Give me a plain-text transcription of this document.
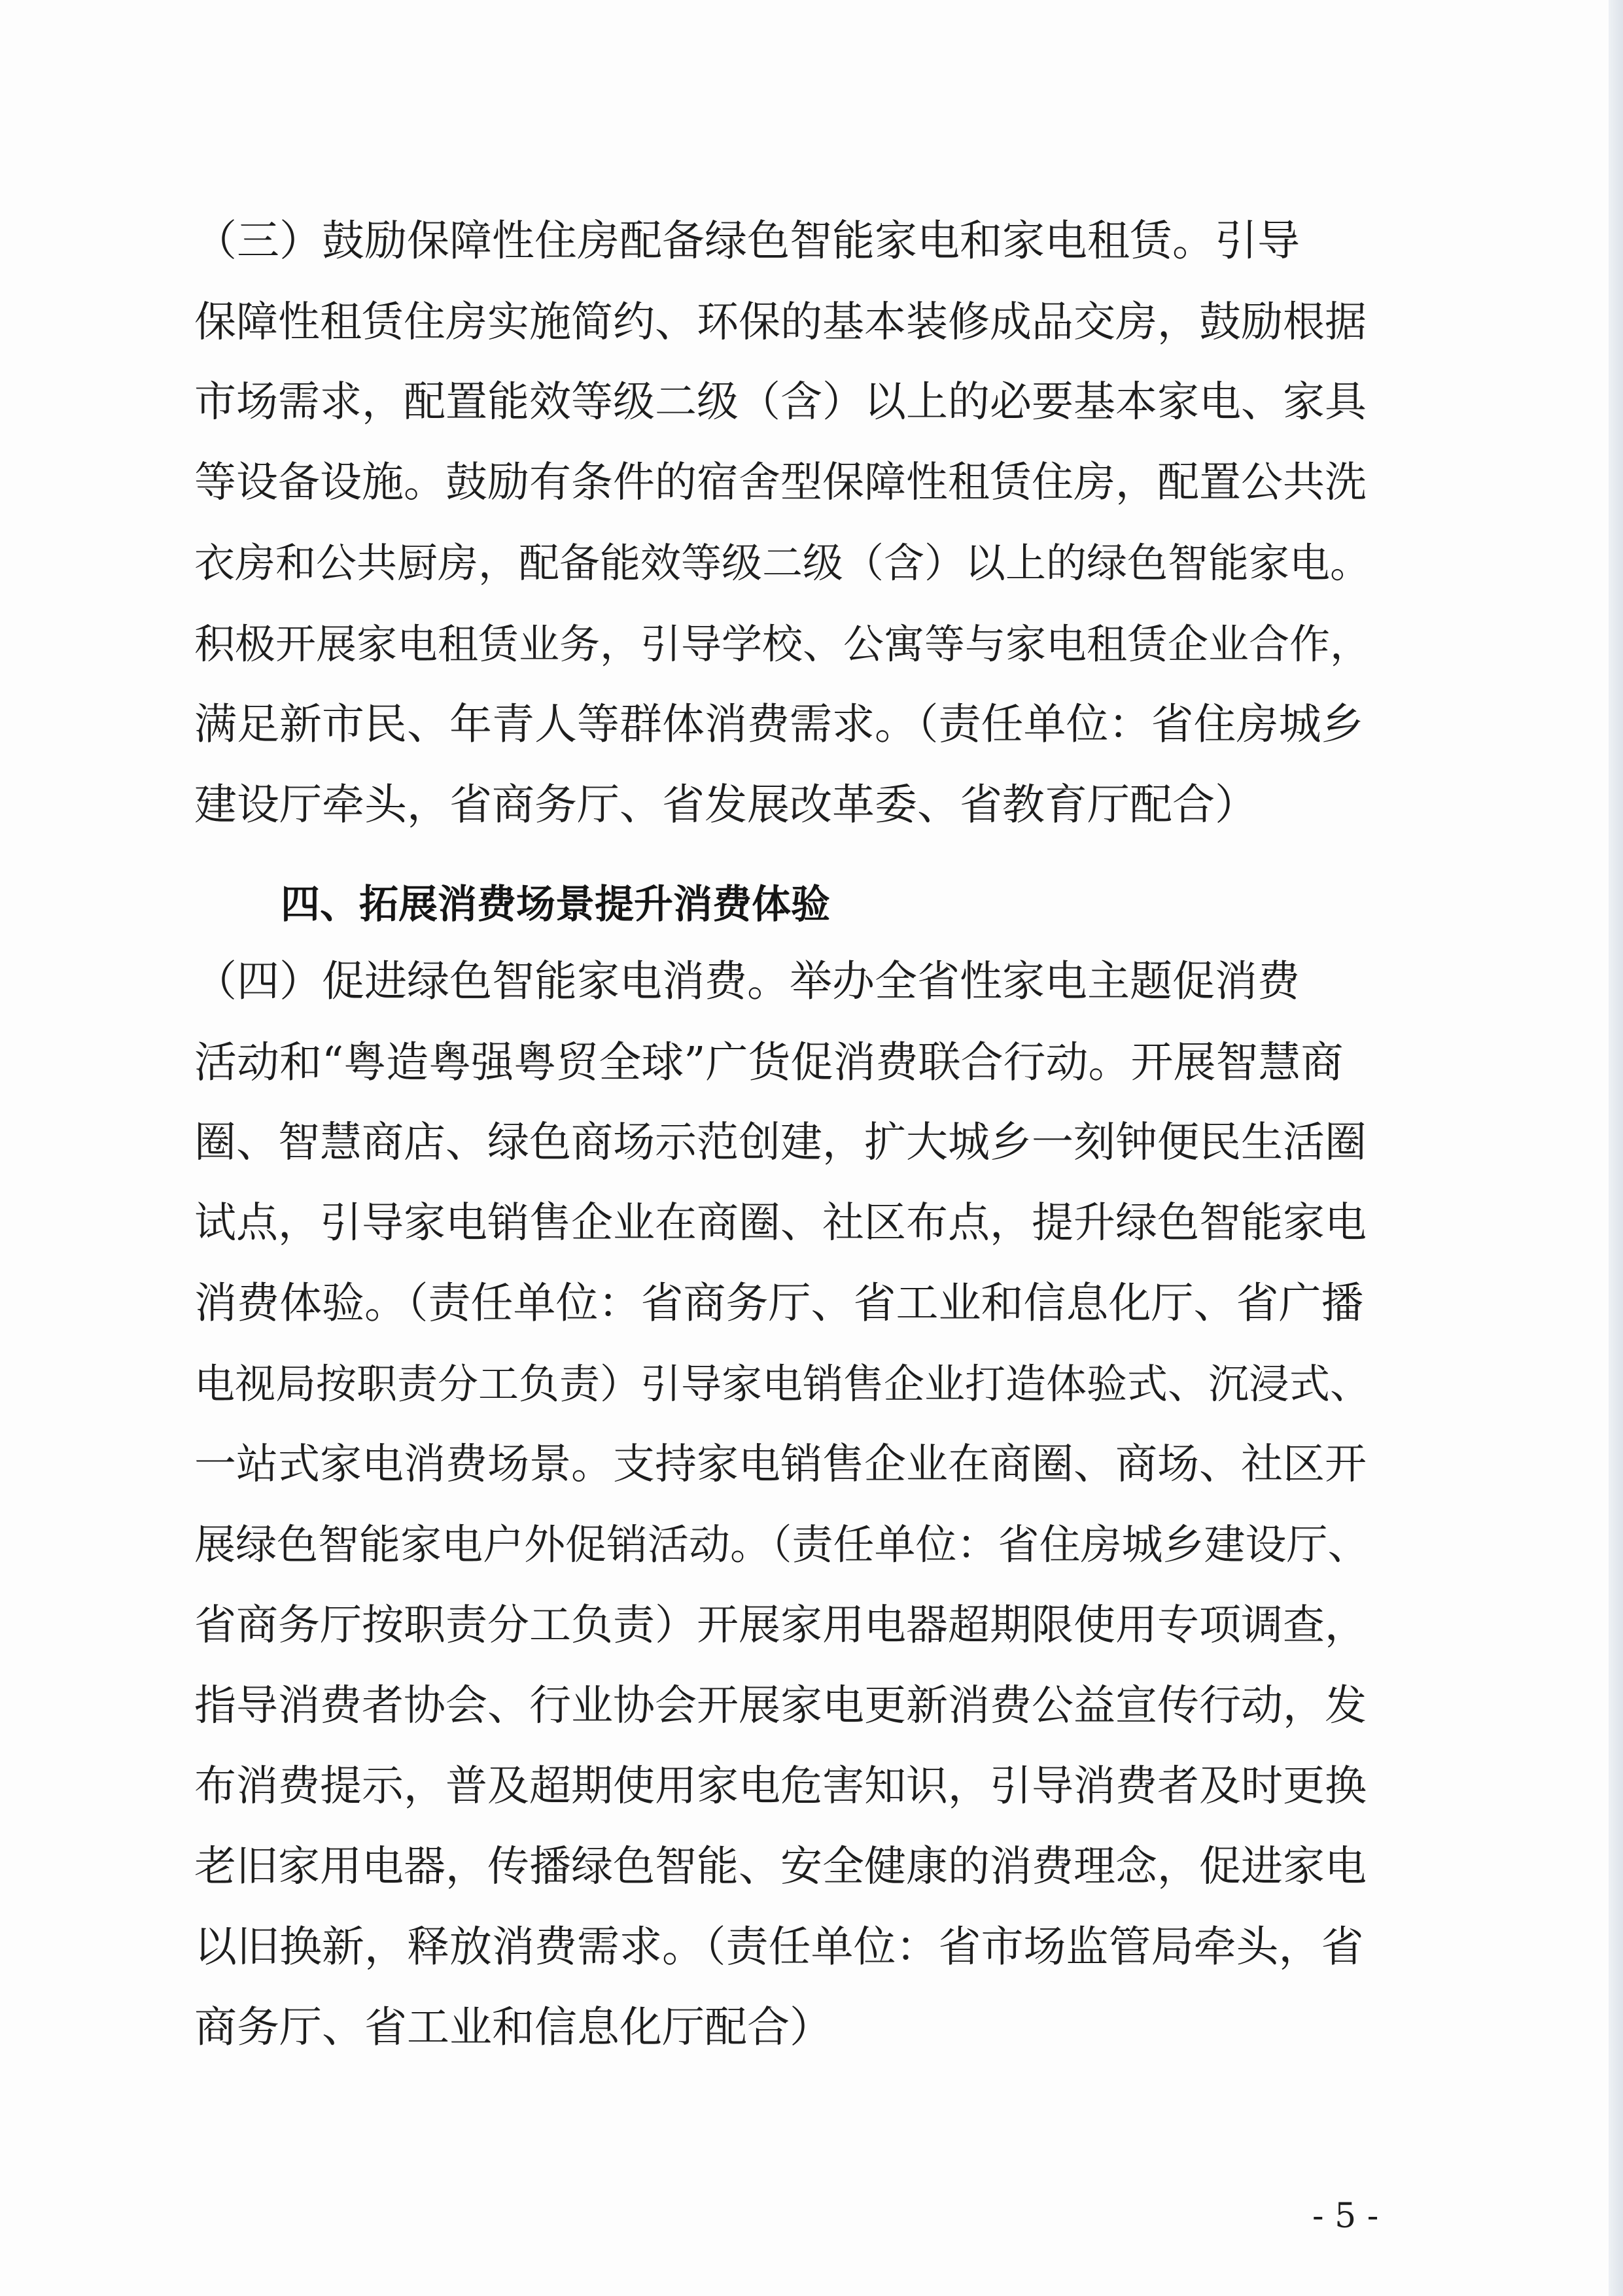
（三）鼓励保障性住房配备绿色智能家电和家电租赁。引导

保障性租赁住房实施简约、环保的基本装修成品交房，鼓励根据

市场需求，配置能效等级二级（含）以上的必要基本家电、家具

等设备设施。鼓励有条件的宿舍型保障性租赁住房，配置公共洗

衣房和公共厨房，配备能效等级二级（含）以上的绿色智能家电。

积极开展家电租赁业务，引导学校、公寓等与家电租赁企业合作，

满足新市民、年青人等群体消费需求。（责任单位：省住房城乡

建设厅牵头，省商务厅、省发展改革委、省教育厅配合）

四、拓展消费场景提升消费体验

（四）促进绿色智能家电消费。举办全省性家电主题促消费

活动和“粤造粤强粤贸全球”广货促消费联合行动。开展智慧商

圈、智慧商店、绿色商场示范创建，扩大城乡一刻钟便民生活圈

试点，引导家电销售企业在商圈、社区布点，提升绿色智能家电

消费体验。（责任单位：省商务厅、省工业和信息化厅、省广播

电视局按职责分工负责）引导家电销售企业打造体验式、沉浸式、

一站式家电消费场景。支持家电销售企业在商圈、商场、社区开

展绿色智能家电户外促销活动。（责任单位：省住房城乡建设厅、

省商务厅按职责分工负责）开展家用电器超期限使用专项调查，

指导消费者协会、行业协会开展家电更新消费公益宣传行动，发

布消费提示，普及超期使用家电危害知识，引导消费者及时更换

老旧家用电器，传播绿色智能、安全健康的消费理念，促进家电

以旧换新，释放消费需求。（责任单位：省市场监管局牵头，省

商务厅、省工业和信息化厅配合）

- 5 -
